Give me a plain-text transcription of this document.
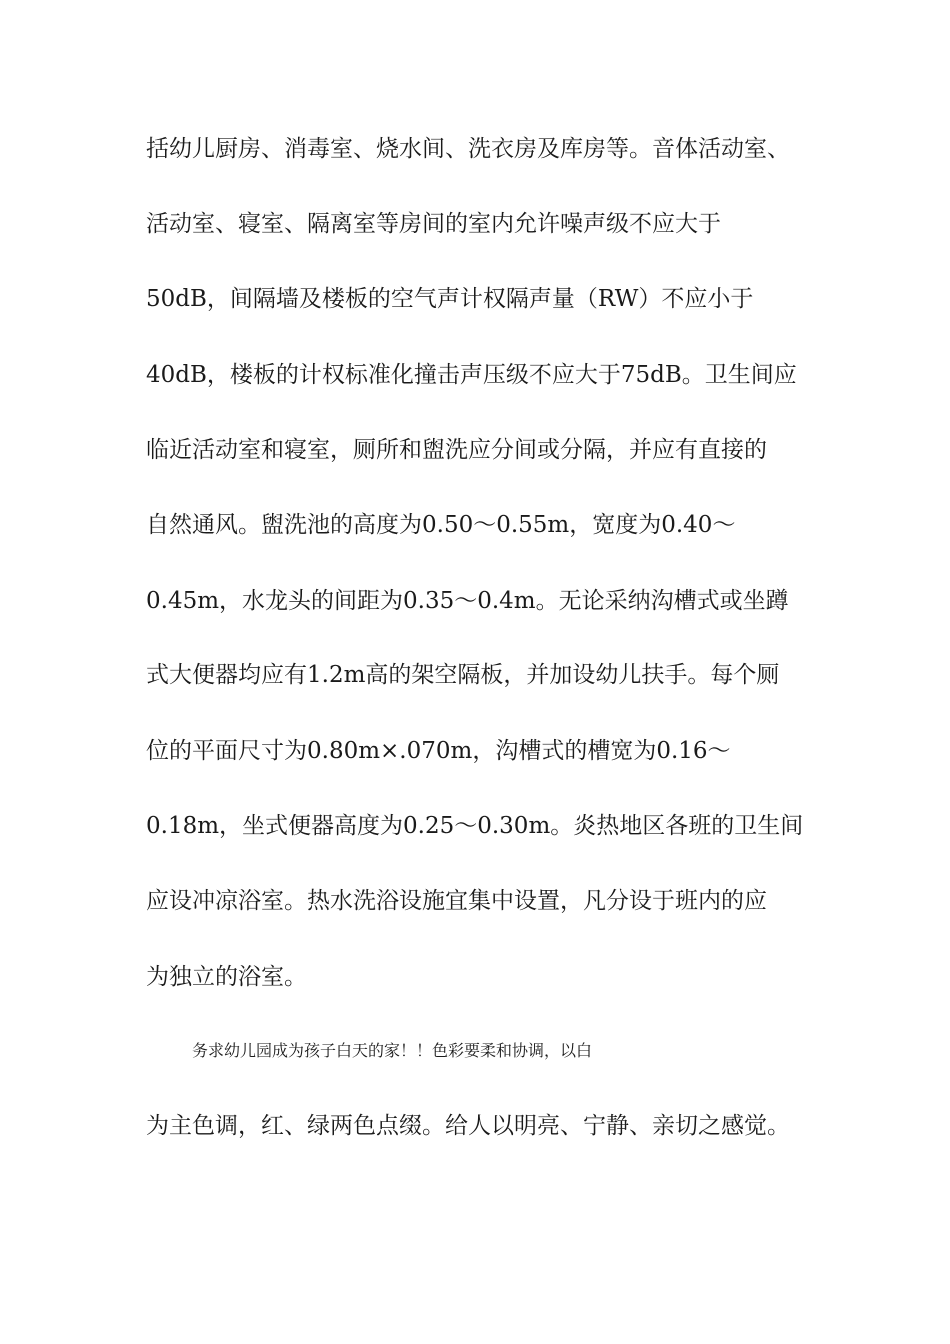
括幼儿厨房、消毒室、烧水间、洗衣房及库房等。音体活动室、
活动室、寝室、隔离室等房间的室内允许噪声级不应大于
50dB，间隔墙及楼板的空气声计权隔声量（RW）不应小于
40dB，楼板的计权标准化撞击声压级不应大于75dB。卫生间应
临近活动室和寝室，厕所和盥洗应分间或分隔，并应有直接的
自然通风。盥洗池的高度为0.50～0.55m，宽度为0.40～
0.45m，水龙头的间距为0.35～0.4m。无论采纳沟槽式或坐蹲
式大便器均应有1.2m高的架空隔板，并加设幼儿扶手。每个厕
位的平面尺寸为0.80m×.070m，沟槽式的槽宽为0.16～
0.18m，坐式便器高度为0.25～0.30m。炎热地区各班的卫生间
应设冲凉浴室。热水洗浴设施宜集中设置，凡分设于班内的应
为独立的浴室。
务求幼儿园成为孩子白天的家！！色彩要柔和协调，以白
为主色调，红、绿两色点缀。给人以明亮、宁静、亲切之感觉。
